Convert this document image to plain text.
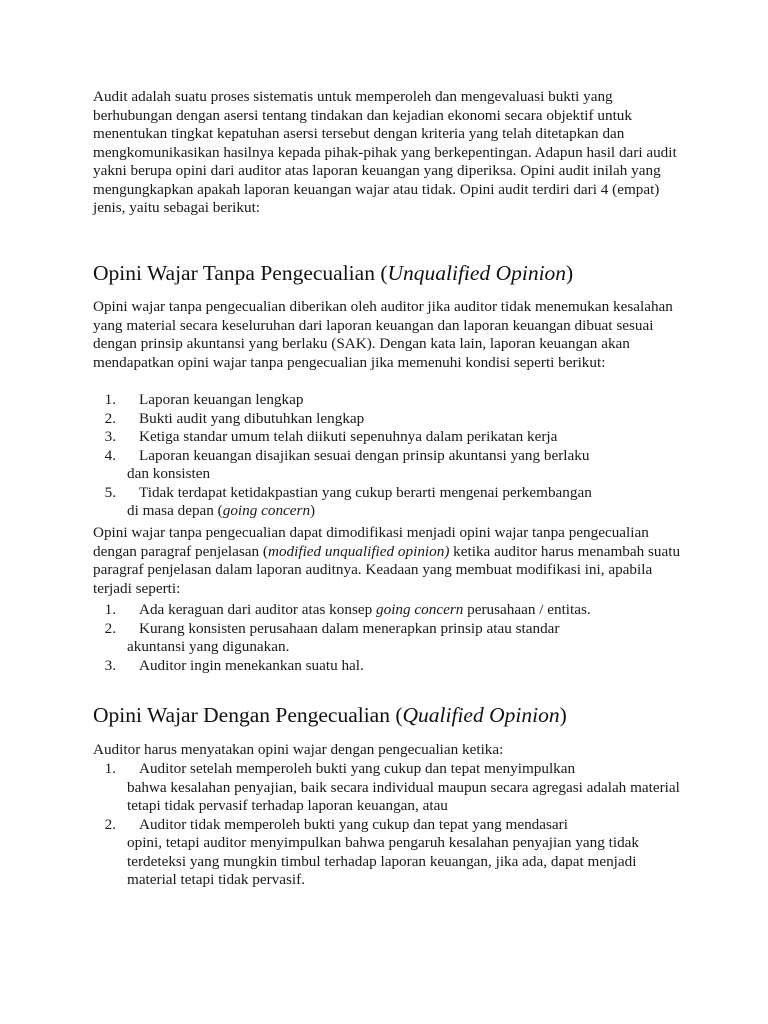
Audit adalah suatu proses sistematis untuk memperoleh dan mengevaluasi bukti yang berhubungan dengan asersi tentang tindakan dan kejadian ekonomi secara objektif untuk menentukan tingkat kepatuhan asersi tersebut dengan kriteria yang telah ditetapkan dan mengkomunikasikan hasilnya kepada pihak-pihak yang berkepentingan. Adapun hasil dari audit yakni berupa opini dari auditor atas laporan keuangan yang diperiksa. Opini audit inilah yang mengungkapkan apakah laporan keuangan wajar atau tidak. Opini audit terdiri dari 4 (empat) jenis, yaitu sebagai berikut:

Opini Wajar Tanpa Pengecualian (Unqualified Opinion)

Opini wajar tanpa pengecualian diberikan oleh auditor jika auditor tidak menemukan kesalahan yang material secara keseluruhan dari laporan keuangan dan laporan keuangan dibuat sesuai dengan prinsip akuntansi yang berlaku (SAK). Dengan kata lain, laporan keuangan akan mendapatkan opini wajar tanpa pengecualian jika memenuhi kondisi seperti berikut:

1. Laporan keuangan lengkap
2. Bukti audit yang dibutuhkan lengkap
3. Ketiga standar umum telah diikuti sepenuhnya dalam perikatan kerja
4. Laporan keuangan disajikan sesuai dengan prinsip akuntansi yang berlaku
dan konsisten
5. Tidak terdapat ketidakpastian yang cukup berarti mengenai perkembangan
di masa depan (going concern)

Opini wajar tanpa pengecualian dapat dimodifikasi menjadi opini wajar tanpa pengecualian dengan paragraf penjelasan (modified unqualified opinion) ketika auditor harus menambah suatu paragraf penjelasan dalam laporan auditnya. Keadaan yang membuat modifikasi ini, apabila terjadi seperti:

1. Ada keraguan dari auditor atas konsep going concern perusahaan / entitas.
2. Kurang konsisten perusahaan dalam menerapkan prinsip atau standar
akuntansi yang digunakan.
3. Auditor ingin menekankan suatu hal.
Opini Wajar Dengan Pengecualian (Qualified Opinion)

Auditor harus menyatakan opini wajar dengan pengecualian ketika:

1. Auditor setelah memperoleh bukti yang cukup dan tepat menyimpulkan
bahwa kesalahan penyajian, baik secara individual maupun secara agregasi adalah material tetapi tidak pervasif terhadap laporan keuangan, atau
2. Auditor tidak memperoleh bukti yang cukup dan tepat yang mendasari
opini, tetapi auditor menyimpulkan bahwa pengaruh kesalahan penyajian yang tidak terdeteksi yang mungkin timbul terhadap laporan keuangan, jika ada, dapat menjadi material tetapi tidak pervasif.
